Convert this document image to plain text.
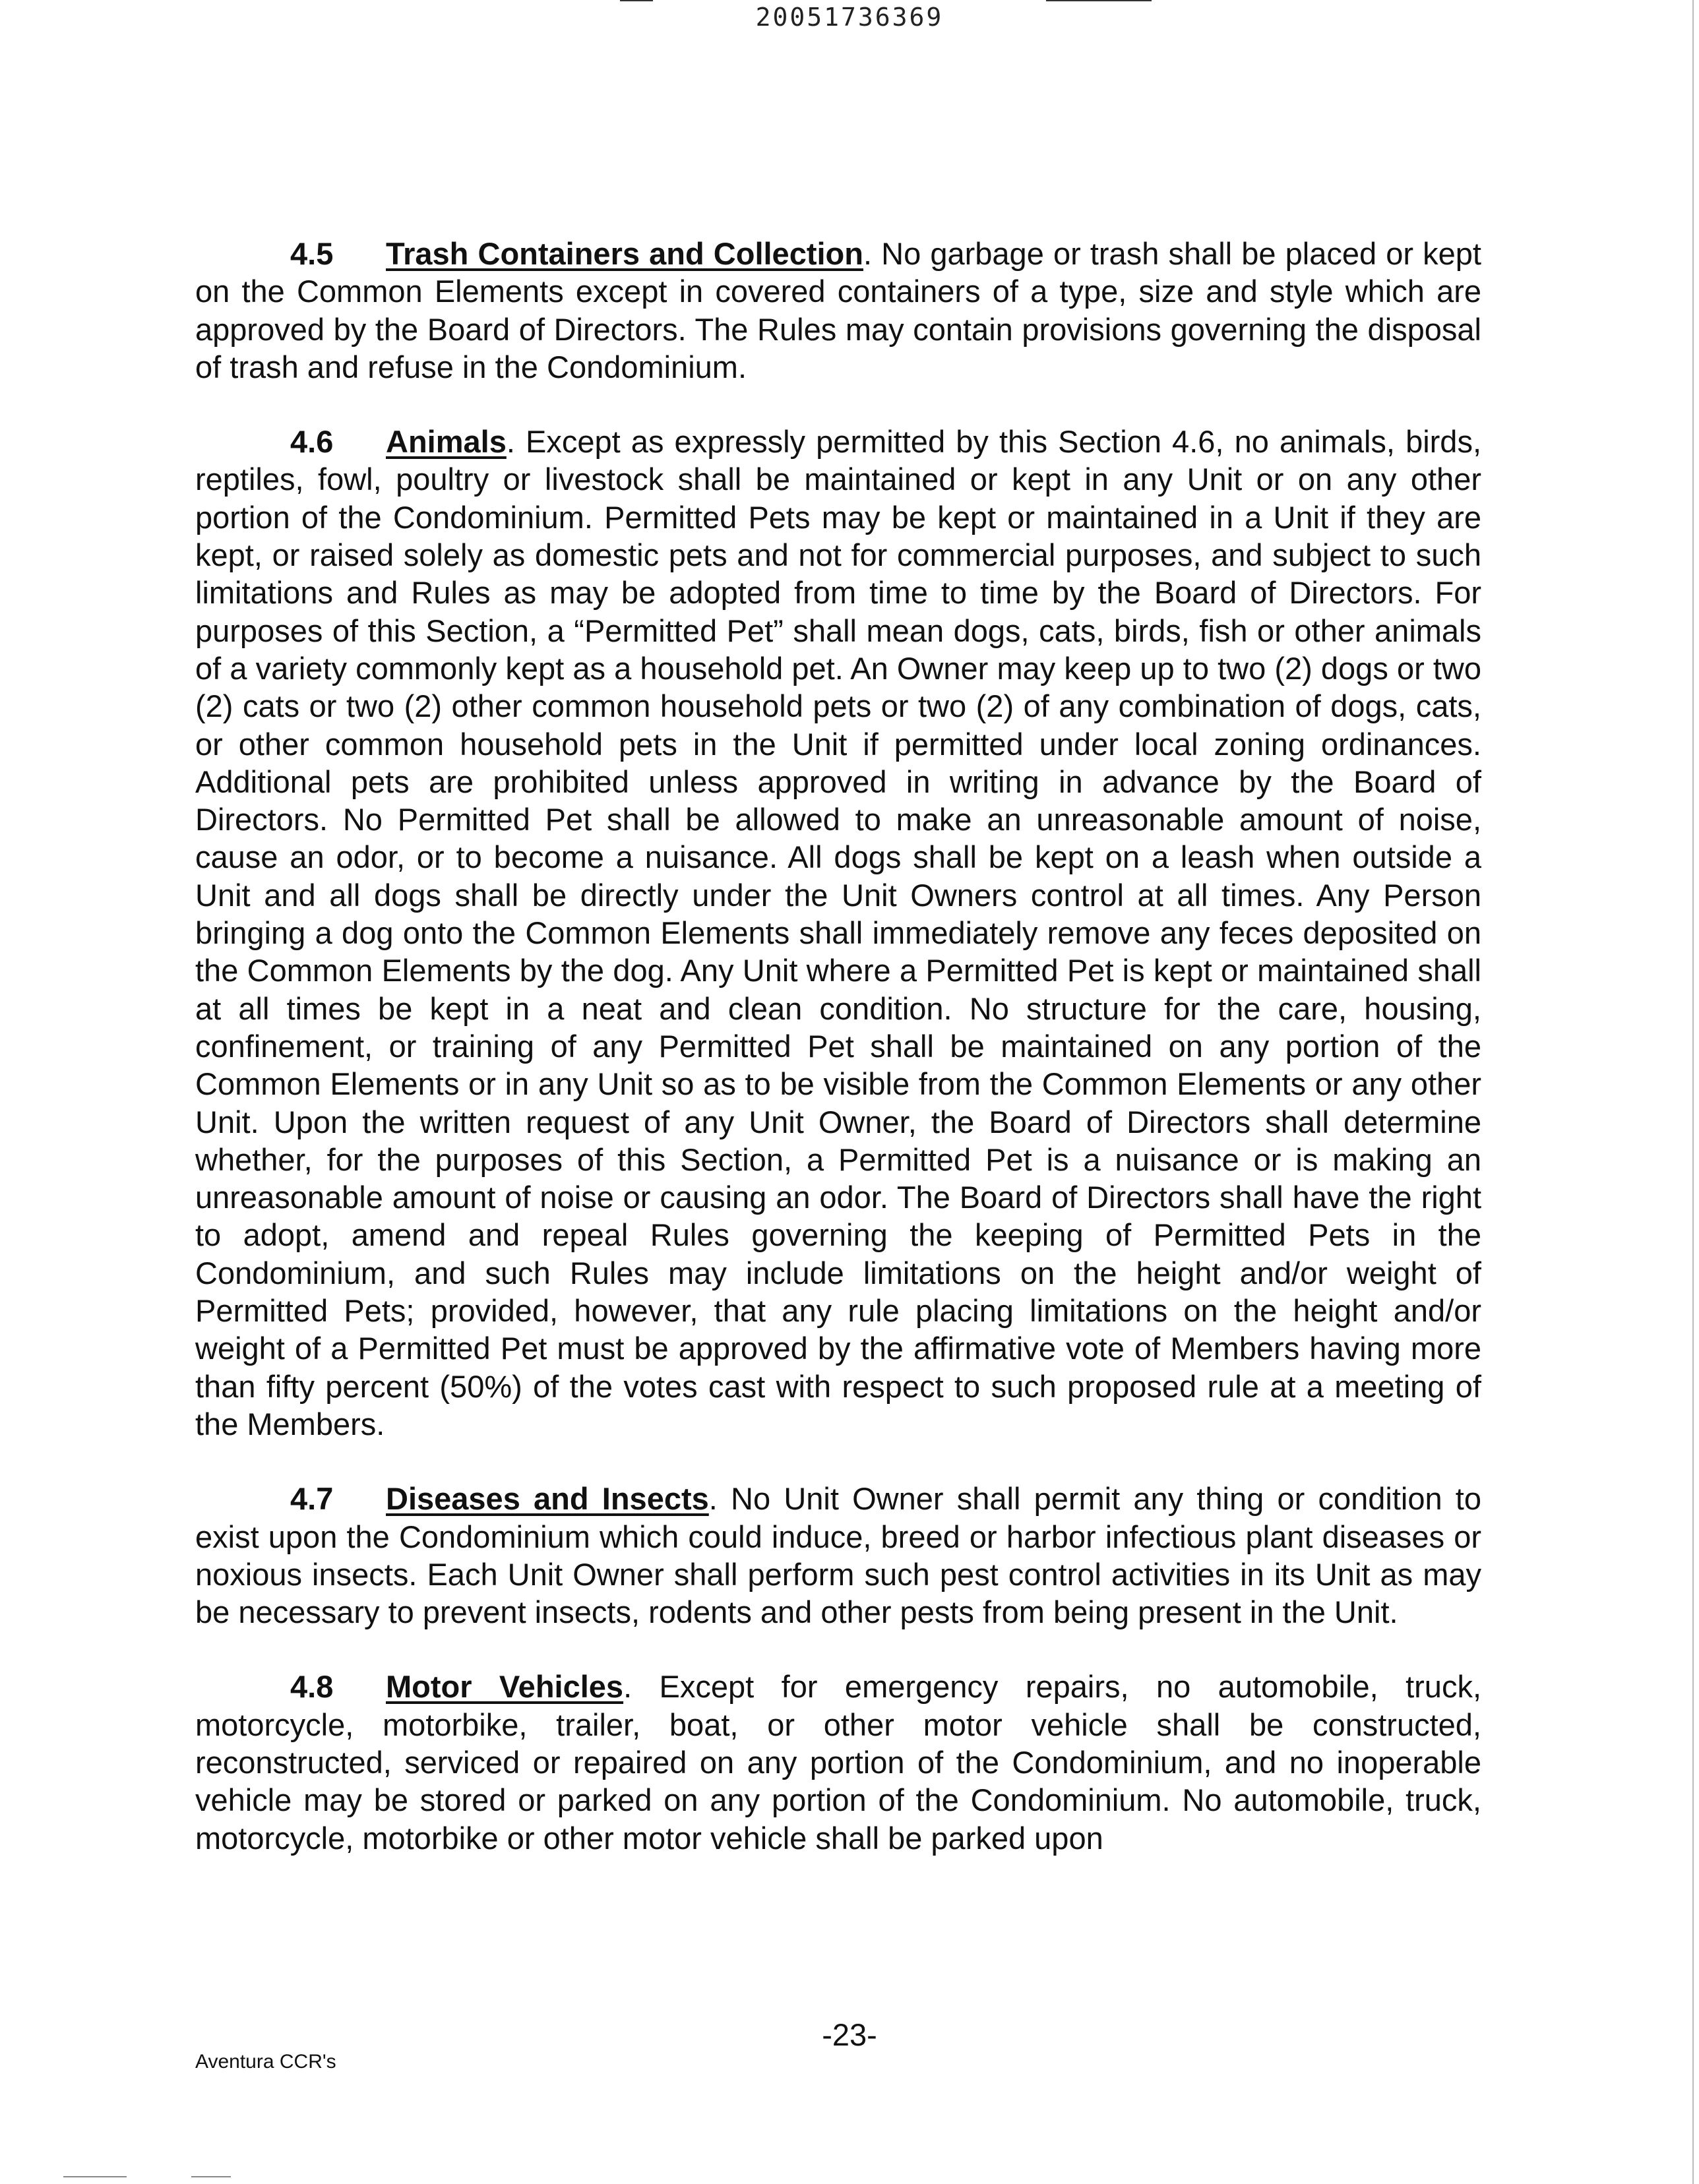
20051736369

4.5 Trash Containers and Collection. No garbage or trash shall be placed or kept on the Common Elements except in covered containers of a type, size and style which are approved by the Board of Directors. The Rules may contain provisions governing the disposal of trash and refuse in the Condominium.

4.6 Animals. Except as expressly permitted by this Section 4.6, no animals, birds, reptiles, fowl, poultry or livestock shall be maintained or kept in any Unit or on any other portion of the Condominium. Permitted Pets may be kept or maintained in a Unit if they are kept, or raised solely as domestic pets and not for commercial purposes, and subject to such limitations and Rules as may be adopted from time to time by the Board of Directors. For purposes of this Section, a “Permitted Pet” shall mean dogs, cats, birds, fish or other animals of a variety commonly kept as a household pet. An Owner may keep up to two (2) dogs or two (2) cats or two (2) other common household pets or two (2) of any combination of dogs, cats, or other common household pets in the Unit if permitted under local zoning ordinances. Additional pets are prohibited unless approved in writing in advance by the Board of Directors. No Permitted Pet shall be allowed to make an unreasonable amount of noise, cause an odor, or to become a nuisance. All dogs shall be kept on a leash when outside a Unit and all dogs shall be directly under the Unit Owners control at all times. Any Person bringing a dog onto the Common Elements shall immediately remove any feces deposited on the Common Elements by the dog. Any Unit where a Permitted Pet is kept or maintained shall at all times be kept in a neat and clean condition. No structure for the care, housing, confinement, or training of any Permitted Pet shall be maintained on any portion of the Common Elements or in any Unit so as to be visible from the Common Elements or any other Unit. Upon the written request of any Unit Owner, the Board of Directors shall determine whether, for the purposes of this Section, a Permitted Pet is a nuisance or is making an unreasonable amount of noise or causing an odor. The Board of Directors shall have the right to adopt, amend and repeal Rules governing the keeping of Permitted Pets in the Condominium, and such Rules may include limitations on the height and/or weight of Permitted Pets; provided, however, that any rule placing limitations on the height and/or weight of a Permitted Pet must be approved by the affirmative vote of Members having more than fifty percent (50%) of the votes cast with respect to such proposed rule at a meeting of the Members.

4.7 Diseases and Insects. No Unit Owner shall permit any thing or condition to exist upon the Condominium which could induce, breed or harbor infectious plant diseases or noxious insects. Each Unit Owner shall perform such pest control activities in its Unit as may be necessary to prevent insects, rodents and other pests from being present in the Unit.

4.8 Motor Vehicles. Except for emergency repairs, no automobile, truck, motorcycle, motorbike, trailer, boat, or other motor vehicle shall be constructed, reconstructed, serviced or repaired on any portion of the Condominium, and no inoperable vehicle may be stored or parked on any portion of the Condominium. No automobile, truck, motorcycle, motorbike or other motor vehicle shall be parked upon

-23-
Aventura CCR's
